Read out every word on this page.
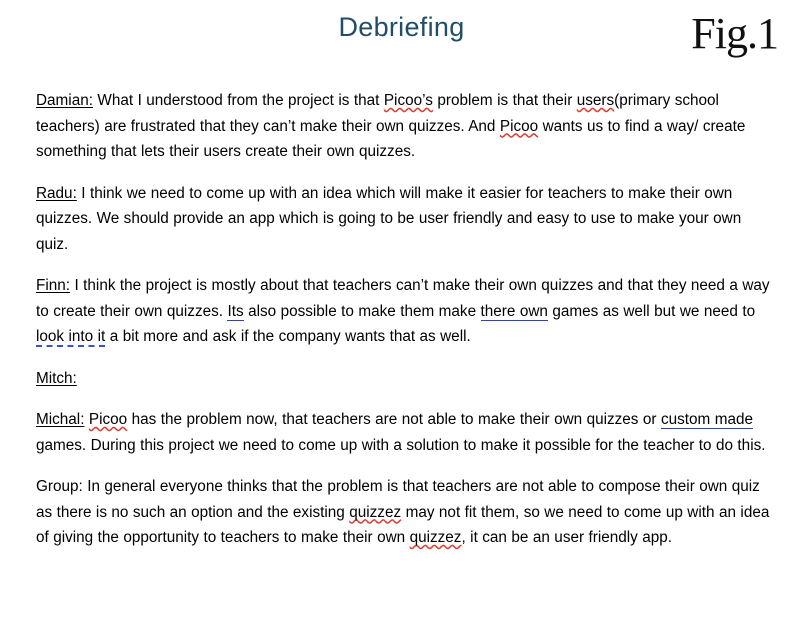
Debriefing	Fig.1

Damian: What I understood from the project is that Picoo’s problem is that their users(primary school teachers) are frustrated that they can’t make their own quizzes. And Picoo wants us to find a way/ create something that lets their users create their own quizzes.

Radu: I think we need to come up with an idea which will make it easier for teachers to make their own quizzes. We should provide an app which is going to be user friendly and easy to use to make your own quiz.

Finn: I think the project is mostly about that teachers can’t make their own quizzes and that they need a way to create their own quizzes. Its also possible to make them make there own games as well but we need to look into it a bit more and ask if the company wants that as well.

Mitch:

Michal: Picoo has the problem now, that teachers are not able to make their own quizzes or custom made games. During this project we need to come up with a solution to make it possible for the teacher to do this.

Group: In general everyone thinks that the problem is that teachers are not able to compose their own quiz as there is no such an option and the existing quizzez may not fit them, so we need to come up with an idea of giving the opportunity to teachers to make their own quizzez, it can be an user friendly app.
